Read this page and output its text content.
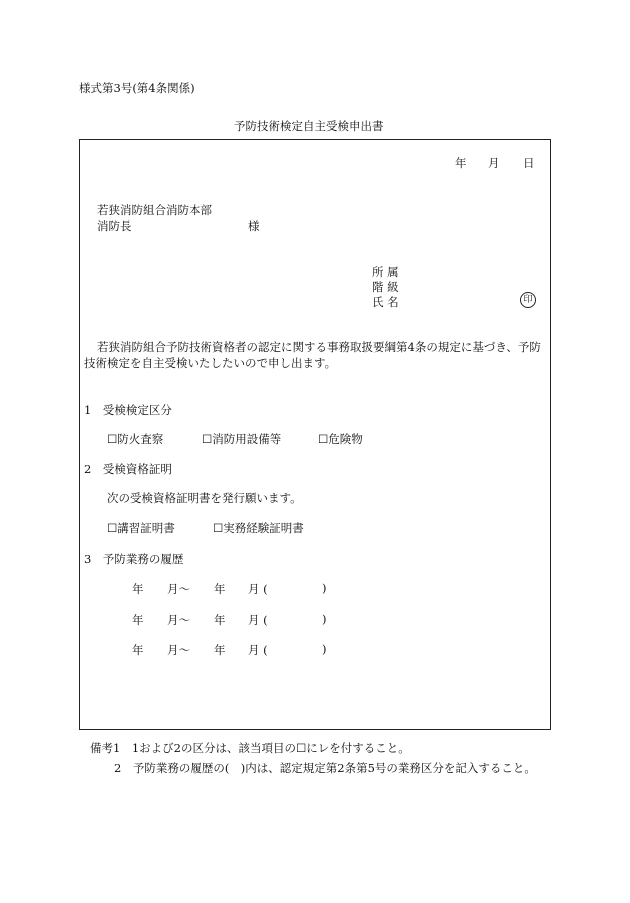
様式第3号(第4条関係)
予防技術検定自主受検申出書
年 月 日
若狭消防組合消防本部
消防長	様
所 属
階 級
氏 名	印
若狭消防組合予防技術資格者の認定に関する事務取扱要綱第4条の規定に基づき、予防
技術検定を自主受検いたしたいので申し出ます。
1　受検検定区分
☐防火査察	☐消防用設備等	☐危険物
2　受検資格証明
次の受検資格証明書を発行願います。
☐講習証明書	☐実務経験証明書
3　予防業務の履歴
年 月～ 年 月 (	)
年 月～ 年 月 (	)
年 月～ 年 月 (	)
備考1　1および2の区分は、該当項目の☐にレを付すること。
2　予防業務の履歴の(　)内は、認定規定第2条第5号の業務区分を記入すること。
